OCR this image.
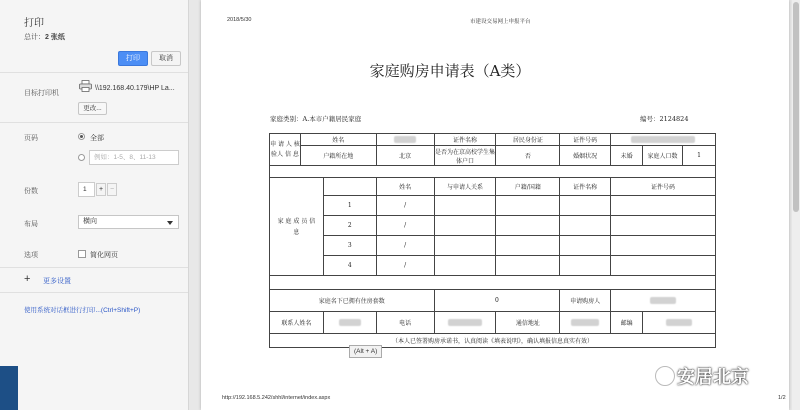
打印
总计：2 张纸
打印	取消
目标打印机
\\192.168.40.179\HP La...
更改...
页码	全部
例如：1-5、8、11-13
份数	1	+ −
布局	横向
选项	简化网页
+ 更多设置
使用系统对话框进行打印...(Ctrl+Shift+P)
2018/5/30	市建设交易网上申报平台
家庭购房申请表（A类）
家庭类别：A.本市户籍居民家庭	编号：2124824
申 请 人 核验人 信 息	姓名			证件名称	居民身份证	证件号码			
	户籍所在地		北京	是否为在京高校学生集体户口	否	婚姻状况	未婚	家庭人口数	1

家 庭 成 员 信 息			姓名	与申请人关系	户籍/国籍	证件名称	证件号码		
		1	/						
		2	/						
		3	/						
		4	/						

家庭名下已拥有住房套数				0		申请购房人			
联系人姓名			电话		通信地址		邮编		
（本人已签署购房承诺书，认真阅读《填表说明》，确认填报信息真实有效）									
(Alt + A)
http://192.168.5.242/shhl/internet/index.aspx	1/2
安居北京
